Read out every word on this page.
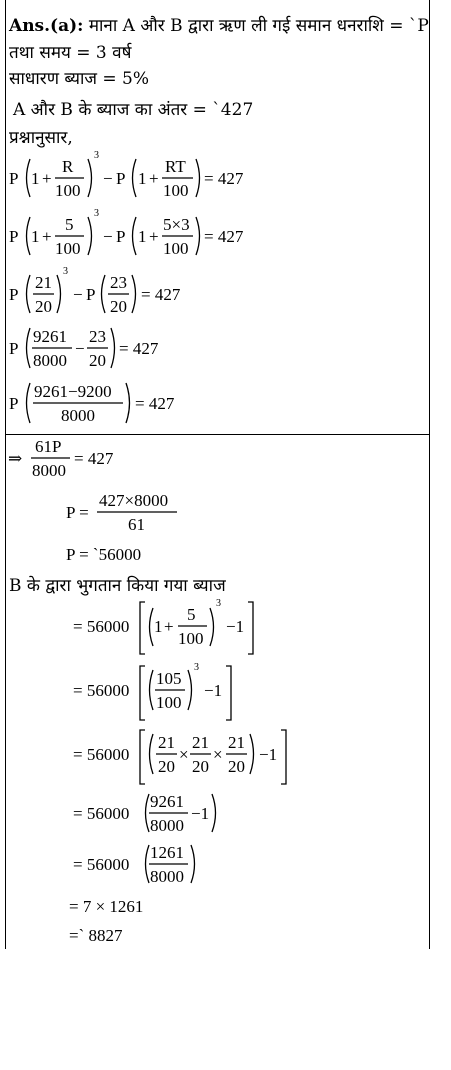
Ans.(a): माना A और B द्वारा ऋण ली गई समान धनराशि = `P
तथा समय = 3 वर्ष
साधारण ब्याज = 5%
A और B के ब्याज का अंतर = `427
प्रश्नानुसार,
B के द्वारा भुगतान किया गया ब्याज
P 1 +
R
100
3
− P 1 +
RT
100
= 427
P 1 +
5
100
3
− P 1 +
5×3
100
= 427
P
21
20
3
− P
23
20
= 427
P
9261
8000
−
23
20
= 427
P
9261−9200
8000
= 427
⇒
61P
8000
= 427
P =
427×8000
61
P = `56000
= 56000 1 +
5
100
3
−1
= 56000
105
100
3
−1
= 56000
21
20
×
21
20
×
21
20
−1
= 56000
9261
8000
−1
= 56000
1261
8000
= 7 × 1261
=` 8827
